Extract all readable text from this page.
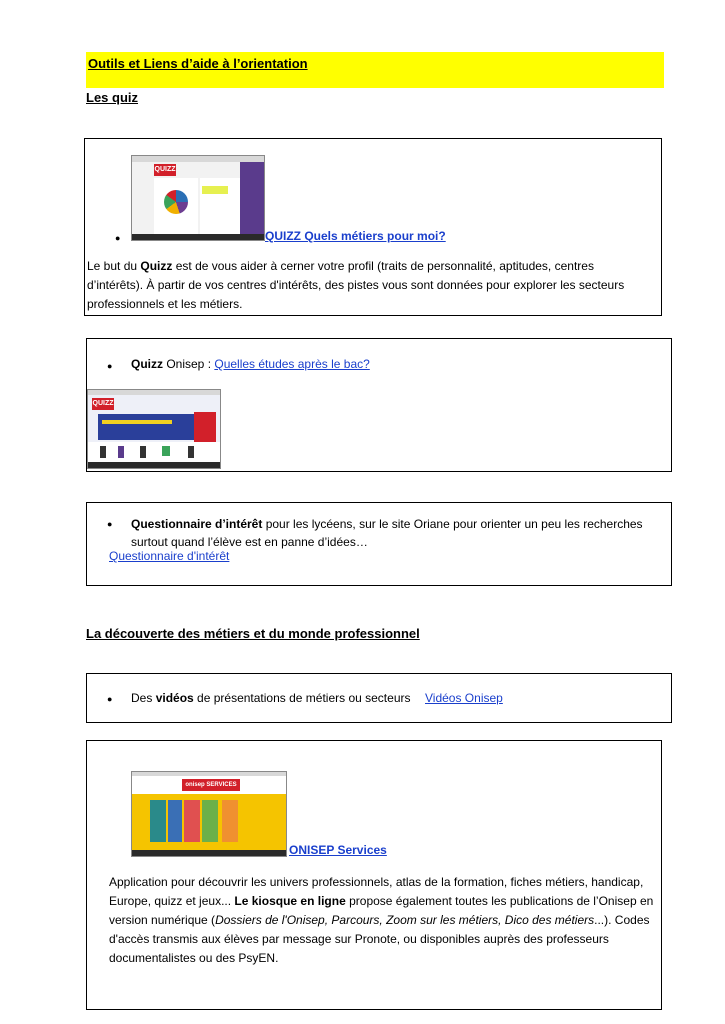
Outils et Liens d’aide à l’orientation
Les quiz
QUIZZ
●	QUIZZ Quels métiers pour moi?
Le but du Quizz est de vous aider à cerner votre profil (traits de personnalité, aptitudes, centres d’intérêts). À partir de vos centres d'intérêts, des pistes vous sont données pour explorer les secteurs professionnels et les métiers.
● Quizz Onisep : Quelles études après le bac?
QUIZZ
● Questionnaire d’intérêt pour les lycéens, sur le site Oriane pour orienter un peu les recherches surtout quand l’élève est en panne d’idées…
Questionnaire d'intérêt
La découverte des métiers et du monde professionnel
● Des vidéos de présentations de métiers ou secteurs Vidéos Onisep
onisep SERVICES
ONISEP Services
Application pour découvrir les univers professionnels, atlas de la formation, fiches métiers, handicap, Europe, quizz et jeux... Le kiosque en ligne propose également toutes les publications de l’Onisep en version numérique (Dossiers de l'Onisep, Parcours, Zoom sur les métiers, Dico des métiers...). Codes d'accès transmis aux élèves par message sur Pronote, ou disponibles auprès des professeurs documentalistes ou des PsyEN.
